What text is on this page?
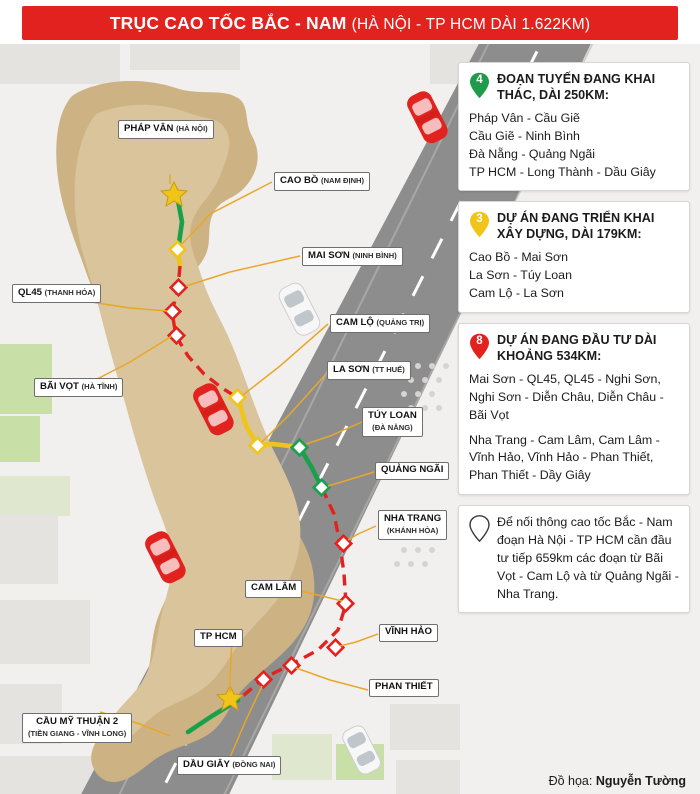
TRỤC CAO TỐC BẮC - NAM (HÀ NỘI - TP HCM DÀI 1.622KM)
PHÁP VÂN (HÀ NỘI)
CAO BỒ (NAM ĐỊNH)
MAI SƠN (NINH BÌNH)
QL45 (THANH HÓA)
CAM LỘ (QUẢNG TRỊ)
LA SƠN (TT HUẾ)
BÃI VỌT (HÀ TĨNH)
TÚY LOAN
(ĐÀ NẴNG)
QUẢNG NGÃI
NHA TRANG
(KHÁNH HÒA)
CAM LÂM
VĨNH HẢO
TP HCM
PHAN THIẾT
CẦU MỸ THUẬN 2
(TIỀN GIANG - VĨNH LONG)
DẦU GIÂY (ĐỒNG NAI)
4	ĐOẠN TUYẾN ĐANG KHAI THÁC, DÀI 250KM:
Pháp Vân - Cầu Giẽ
Cầu Giẽ - Ninh Bình
Đà Nẵng - Quảng Ngãi
TP HCM - Long Thành - Dầu Giây
3	DỰ ÁN ĐANG TRIỂN KHAI XÂY DỰNG, DÀI 179KM:
Cao Bồ - Mai Sơn
La Sơn - Túy Loan
Cam Lộ - La Sơn
8	DỰ ÁN ĐANG ĐẦU TƯ DÀI KHOẢNG 534KM:
Mai Sơn - QL45, QL45 - Nghi Sơn, Nghi Sơn - Diễn Châu, Diễn Châu - Bãi Vọt
Nha Trang - Cam Lâm, Cam Lâm - Vĩnh Hảo, Vĩnh Hảo - Phan Thiết, Phan Thiết - Dầy Giây
Để nối thông cao tốc Bắc - Nam đoạn Hà Nội - TP HCM cần đầu tư tiếp 659km các đoạn từ Bãi Vọt - Cam Lộ và từ Quảng Ngãi - Nha Trang.
Đồ họa: Nguyễn Tường
